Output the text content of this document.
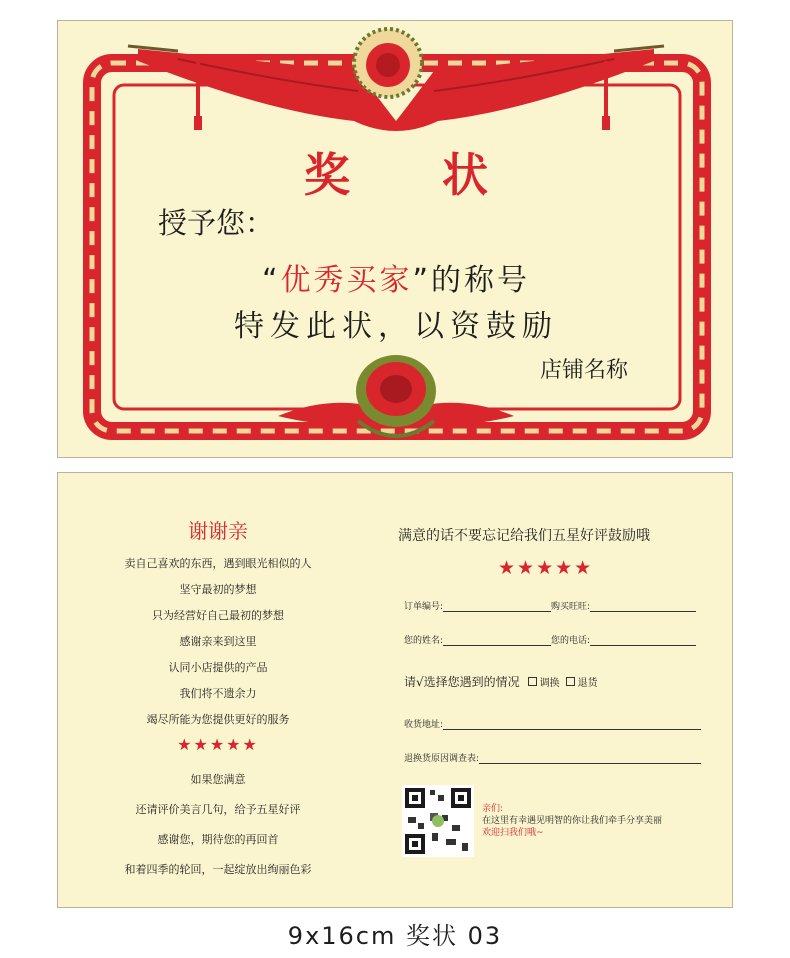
奖 状
授予您：
“优秀买家”的称号
特发此状，以资鼓励
店铺名称
谢谢亲
卖自己喜欢的东西，遇到眼光相似的人
坚守最初的梦想
只为经营好自己最初的梦想
感谢亲来到这里
认同小店提供的产品
我们将不遗余力
竭尽所能为您提供更好的服务
★★★★★
如果您满意
还请评价美言几句，给予五星好评
感谢您，期待您的再回首
和着四季的轮回，一起绽放出绚丽色彩
满意的话不要忘记给我们五星好评鼓励哦
★★★★★
订单编号:	购买旺旺:
您的姓名:	您的电话:
请√选择您遇到的情况 调换 退货
收货地址:
退换货原因调查表:
亲们:
在这里有幸遇见明智的你让我们牵手分享美丽
欢迎扫我们哦~
9x16cm 奖状 03
